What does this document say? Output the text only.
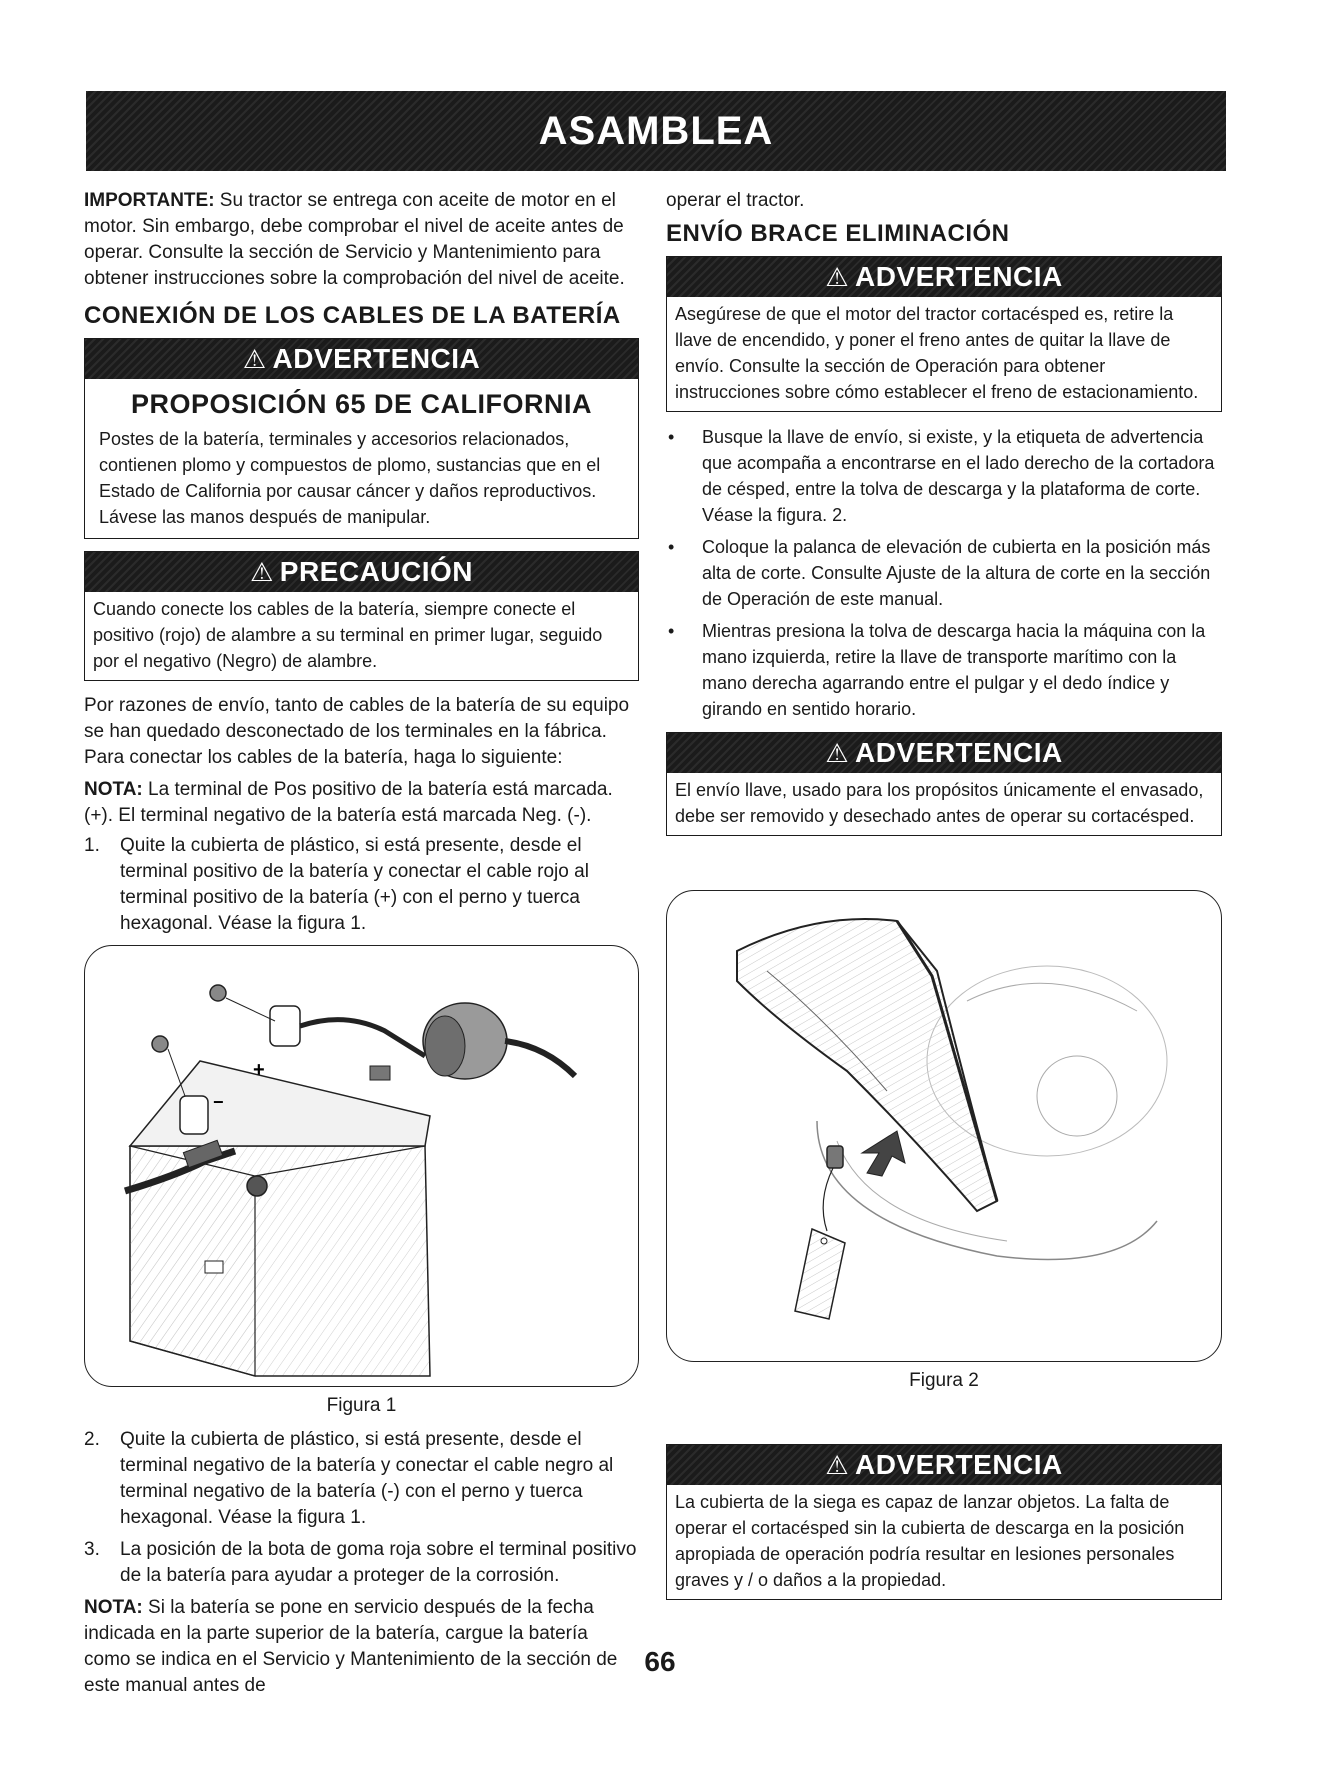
ASAMBLEA

IMPORTANTE: Su tractor se entrega con aceite de motor en el motor. Sin embargo, debe comprobar el nivel de aceite antes de operar. Consulte la sección de Servicio y Mantenimiento para obtener instrucciones sobre la comprobación del nivel de aceite.

CONEXIÓN DE LOS CABLES DE LA BATERÍA
⚠ ADVERTENCIA
PROPOSICIÓN 65 DE CALIFORNIA
Postes de la batería, terminales y accesorios relacionados, contienen plomo y compuestos de plomo, sustancias que en el Estado de California por causar cáncer y daños reproductivos. Lávese las manos después de manipular.
⚠ PRECAUCIÓN
Cuando conecte los cables de la batería, siempre conecte el positivo (rojo) de alambre a su terminal en primer lugar, seguido por el negativo (Negro) de alambre.

Por razones de envío, tanto de cables de la batería de su equipo se han quedado desconectado de los terminales en la fábrica. Para conectar los cables de la batería, haga lo siguiente:

NOTA: La terminal de Pos positivo de la batería está marcada. (+). El terminal negativo de la batería está marcada Neg. (-).

1. Quite la cubierta de plástico, si está presente, desde el terminal positivo de la batería y conectar el cable rojo al terminal positivo de la batería (+) con el perno y tuerca hexagonal. Véase la figura 1.
+
−
Figura 1
2. Quite la cubierta de plástico, si está presente, desde el terminal negativo de la batería y conectar el cable negro al terminal negativo de la batería (-) con el perno y tuerca hexagonal. Véase la figura 1.
3. La posición de la bota de goma roja sobre el terminal positivo de la batería para ayudar a proteger de la corrosión.

NOTA: Si la batería se pone en servicio después de la fecha indicada en la parte superior de la batería, cargue la batería como se indica en el Servicio y Mantenimiento de la sección de este manual antes de

operar el tractor.

ENVÍO BRACE ELIMINACIÓN
⚠ ADVERTENCIA
Asegúrese de que el motor del tractor cortacésped es, retire la llave de encendido, y poner el freno antes de quitar la llave de envío. Consulte la sección de Operación para obtener instrucciones sobre cómo establecer el freno de estacionamiento.
• Busque la llave de envío, si existe, y la etiqueta de advertencia que acompaña a encontrarse en el lado derecho de la cortadora de césped, entre la tolva de descarga y la plataforma de corte. Véase la figura. 2.
• Coloque la palanca de elevación de cubierta en la posición más alta de corte. Consulte Ajuste de la altura de corte en la sección de Operación de este manual.
• Mientras presiona la tolva de descarga hacia la máquina con la mano izquierda, retire la llave de transporte marítimo con la mano derecha agarrando entre el pulgar y el dedo índice y girando en sentido horario.
⚠ ADVERTENCIA
El envío llave, usado para los propósitos únicamente el envasado, debe ser removido y desechado antes de operar su cortacésped.
Figura 2
⚠ ADVERTENCIA
La cubierta de la siega es capaz de lanzar objetos. La falta de operar el cortacésped sin la cubierta de descarga en la posición apropiada de operación podría resultar en lesiones personales graves y / o daños a la propiedad.
66
